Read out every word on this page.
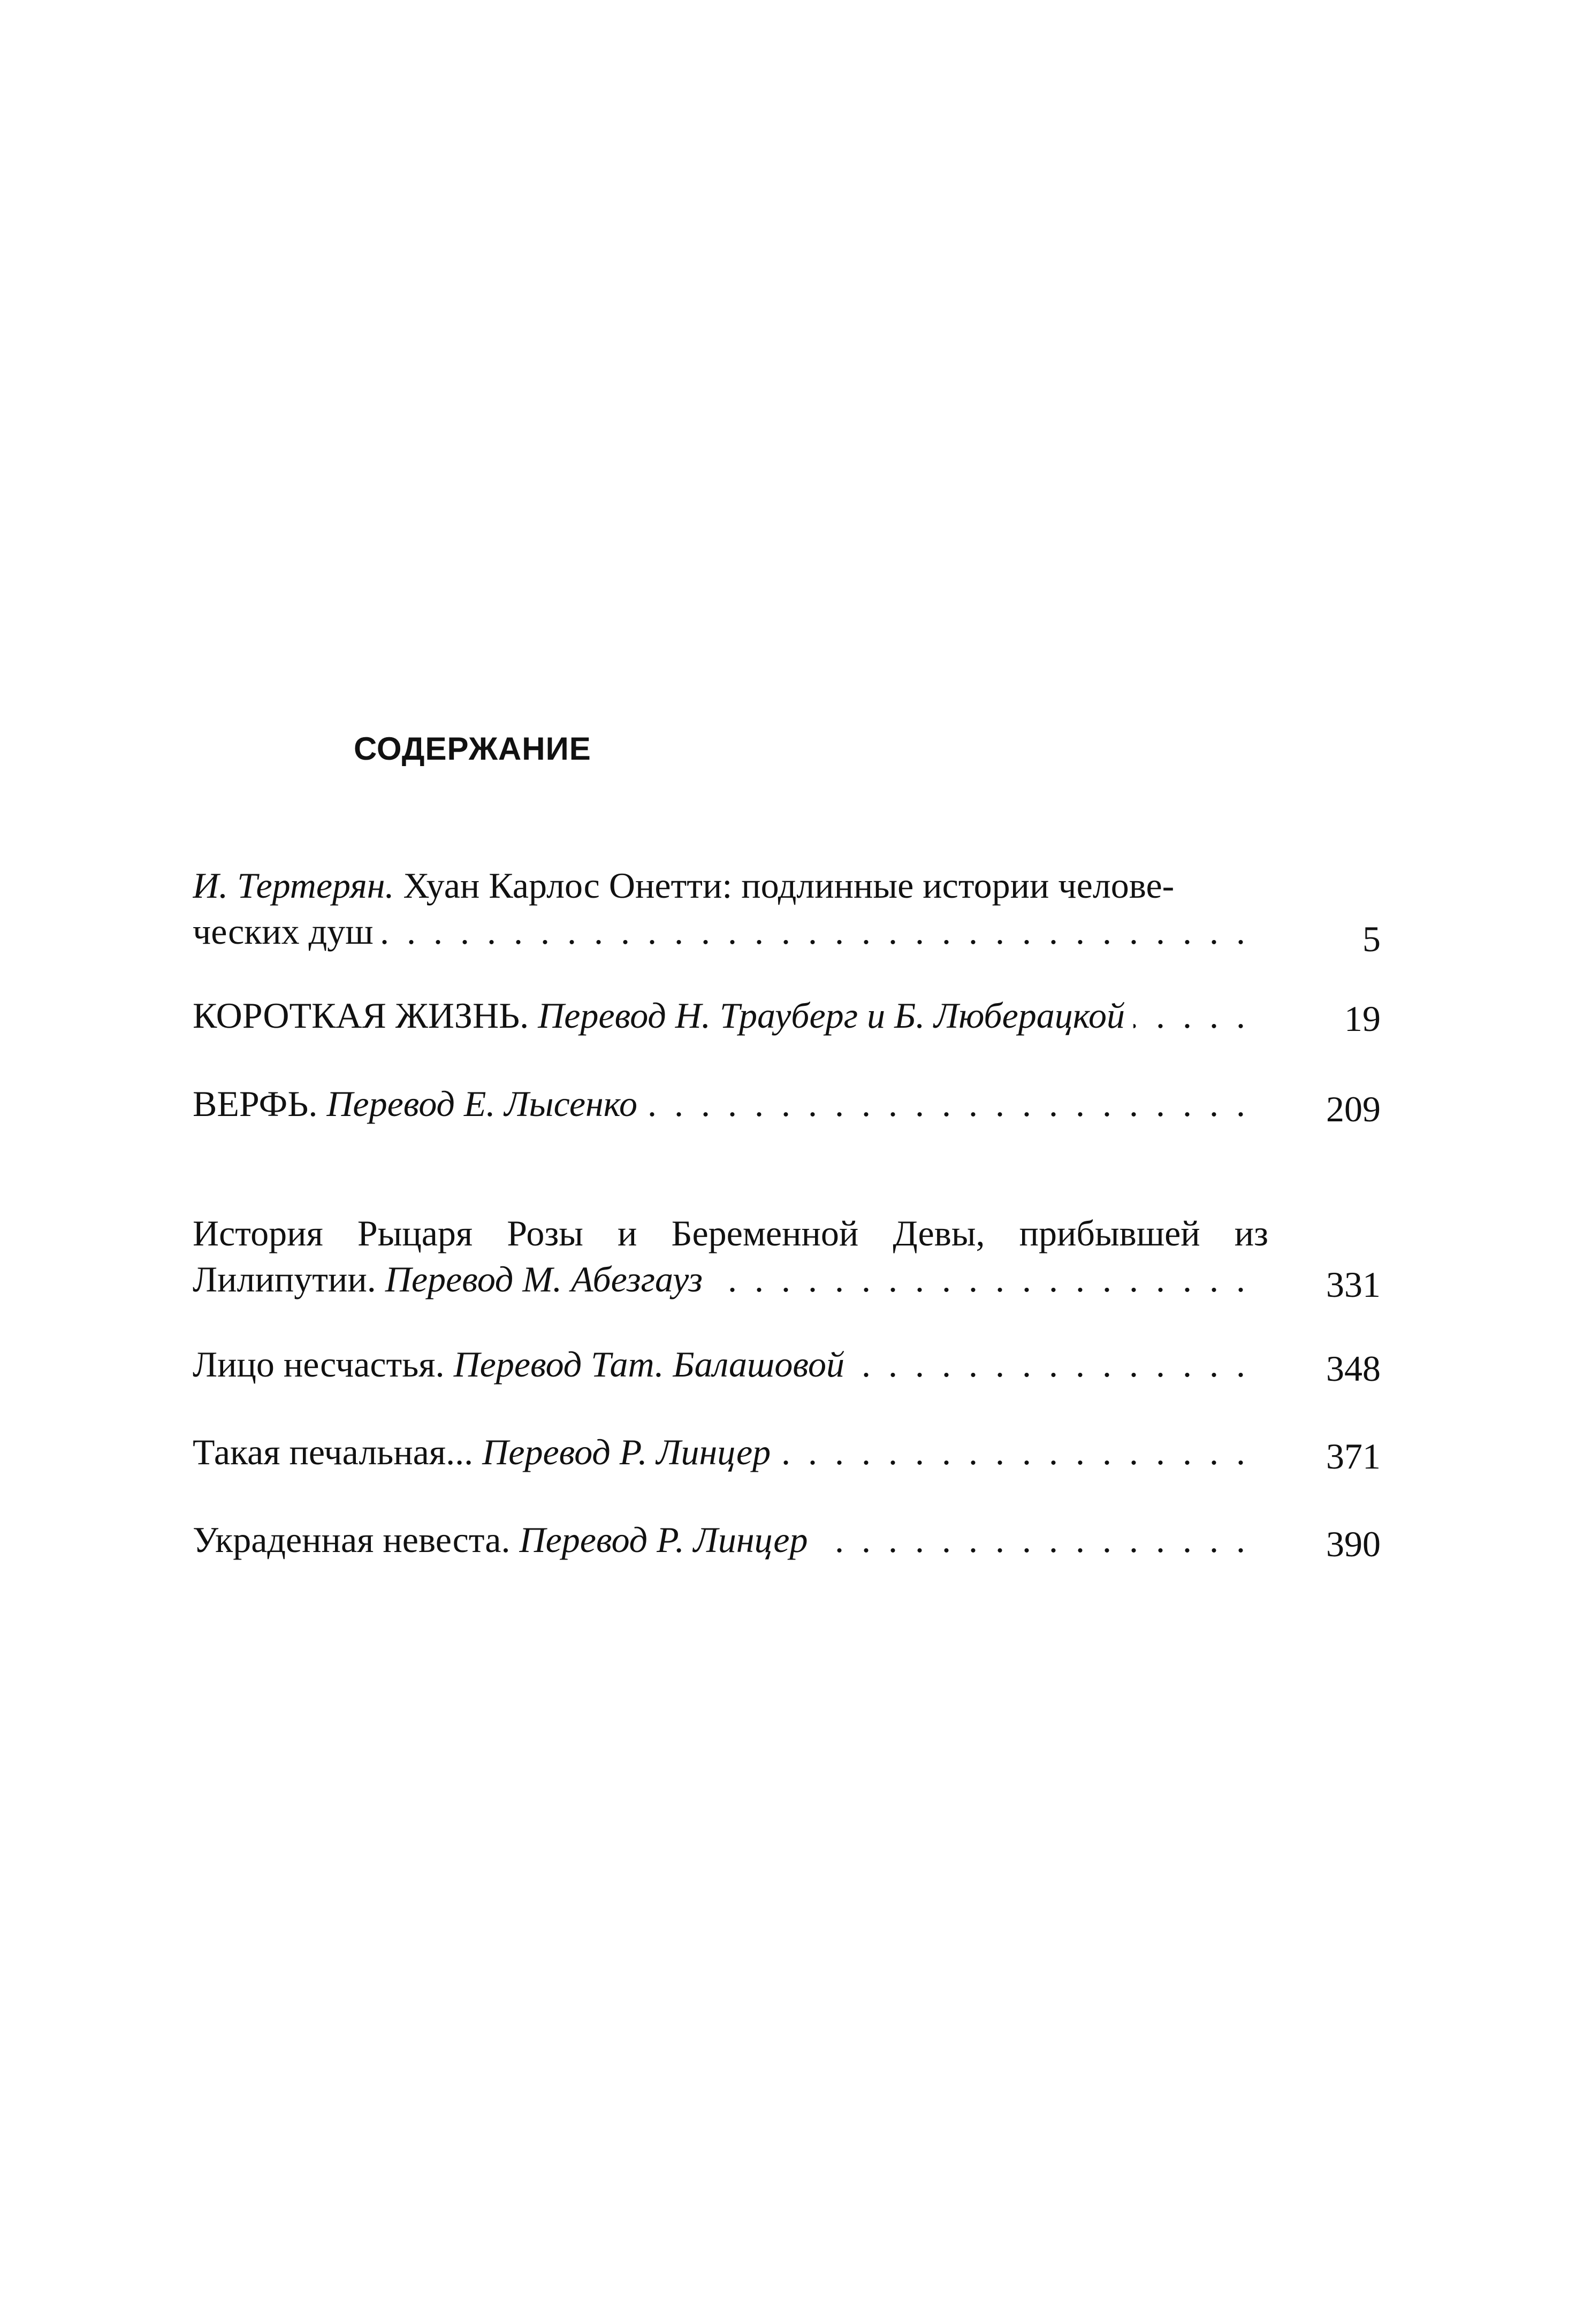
СОДЕРЖАНИЕ
И. Тертерян. Хуан Карлос Онетти: подлинные истории челове-
ческих душ . . .	5
КОРОТКАЯ ЖИЗНЬ. Перевод Н. Трауберг и Б. Люберацкой . . .	19
ВЕРФЬ. Перевод Е. Лысенко . . .	209
История Рыцаря Розы и Беременной Девы, прибывшей из
Лилипутии. Перевод М. Абезгауз . . .	331
Лицо несчастья. Перевод Тат. Балашовой . . .	348
Такая печальная... Перевод Р. Линцер . . .	371
Украденная невеста. Перевод Р. Линцер . . .	390
